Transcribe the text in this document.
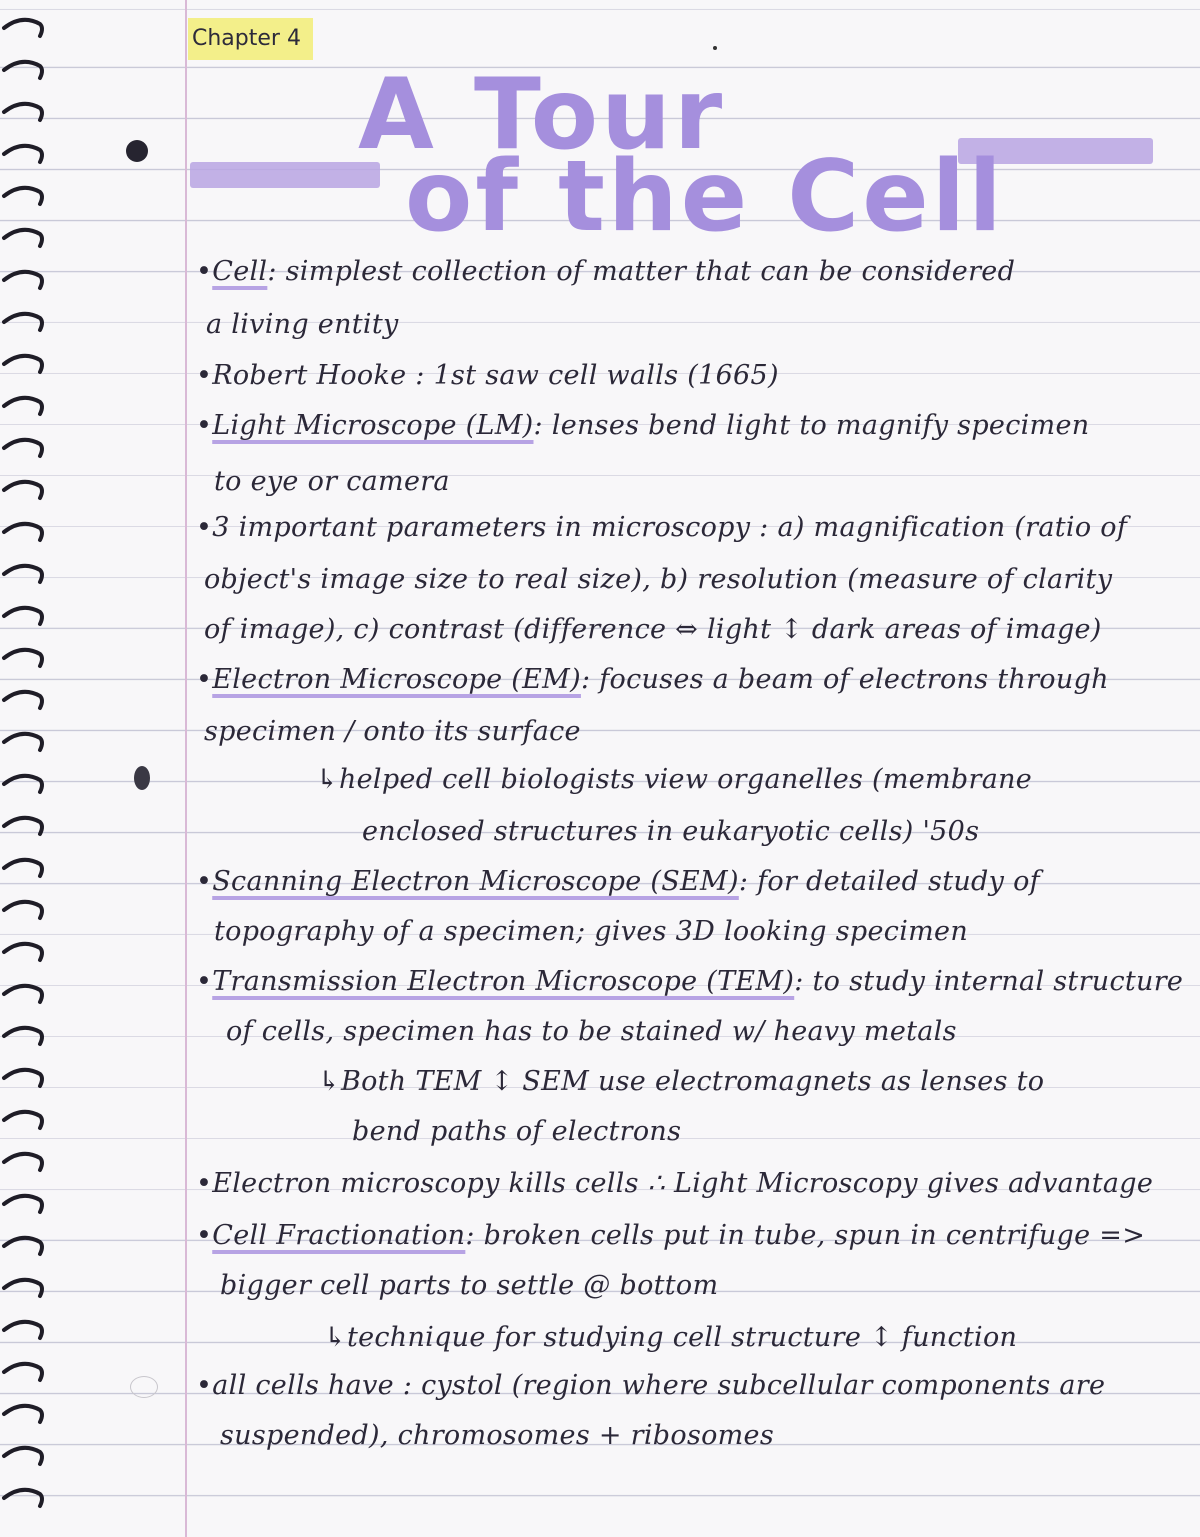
Chapter 4
A Tour
of the Cell
•Cell: simplest collection of matter that can be considered
a living entity
•Robert Hooke : 1st saw cell walls (1665)
•Light Microscope (LM): lenses bend light to magnify specimen
to eye or camera
•3 important parameters in microscopy : a) magnification (ratio of
object's image size to real size), b) resolution (measure of clarity
of image), c) contrast (difference ⇔ light ↕ dark areas of image)
•Electron Microscope (EM): focuses a beam of electrons through
specimen / onto its surface
↳helped cell biologists view organelles (membrane
enclosed structures in eukaryotic cells) '50s
•Scanning Electron Microscope (SEM): for detailed study of
topography of a specimen; gives 3D looking specimen
•Transmission Electron Microscope (TEM): to study internal structure
of cells, specimen has to be stained w/ heavy metals
↳Both TEM ↕ SEM use electromagnets as lenses to
bend paths of electrons
•Electron microscopy kills cells ∴ Light Microscopy gives advantage
•Cell Fractionation: broken cells put in tube, spun in centrifuge =>
bigger cell parts to settle @ bottom
↳technique for studying cell structure ↕ function
•all cells have : cystol (region where subcellular components are
suspended), chromosomes + ribosomes
